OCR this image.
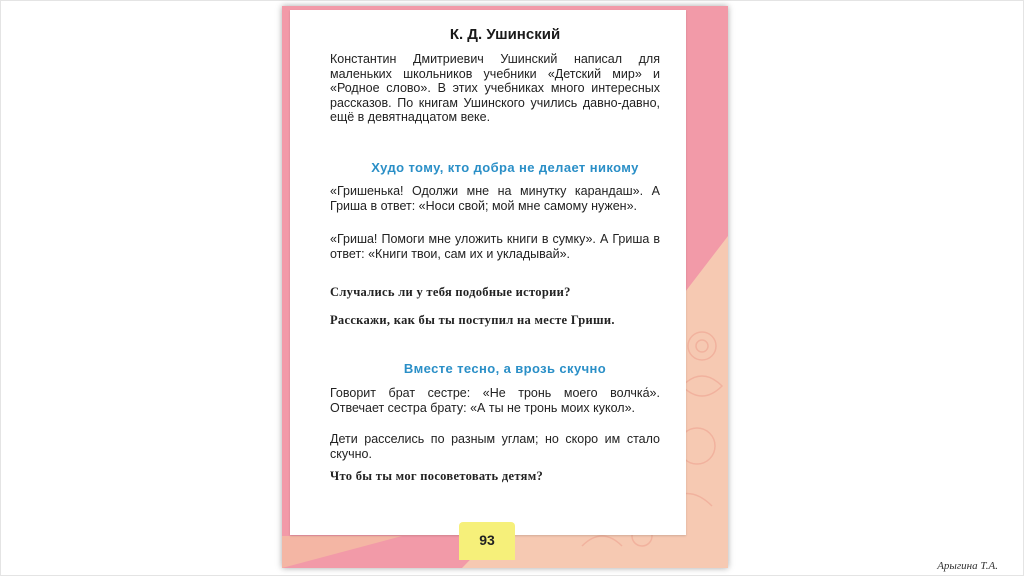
К. Д. Ушинский

Константин Дмитриевич Ушинский написал для маленьких школьников учебники «Детский мир» и «Родное слово». В этих учебниках много интересных рассказов. По книгам Ушинского учились давно-давно, ещё в девятнадцатом веке.

Худо тому, кто добра не делает никому

«Гришенька! Одолжи мне на минутку карандаш». А Гриша в ответ: «Носи свой; мой мне самому нужен».

«Гриша! Помоги мне уложить книги в сумку». А Гриша в ответ: «Книги твои, сам их и укладывай».

Случались ли у тебя подобные истории?

Расскажи, как бы ты поступил на месте Гриши.

Вместе тесно, а врозь скучно

Говорит брат сестре: «Не тронь моего волчка́». Отвечает сестра брату: «А ты не тронь моих кукол».

Дети расселись по разным углам; но скоро им стало скучно.

Что бы ты мог посоветовать детям?

93
Арыгина Т.А.
